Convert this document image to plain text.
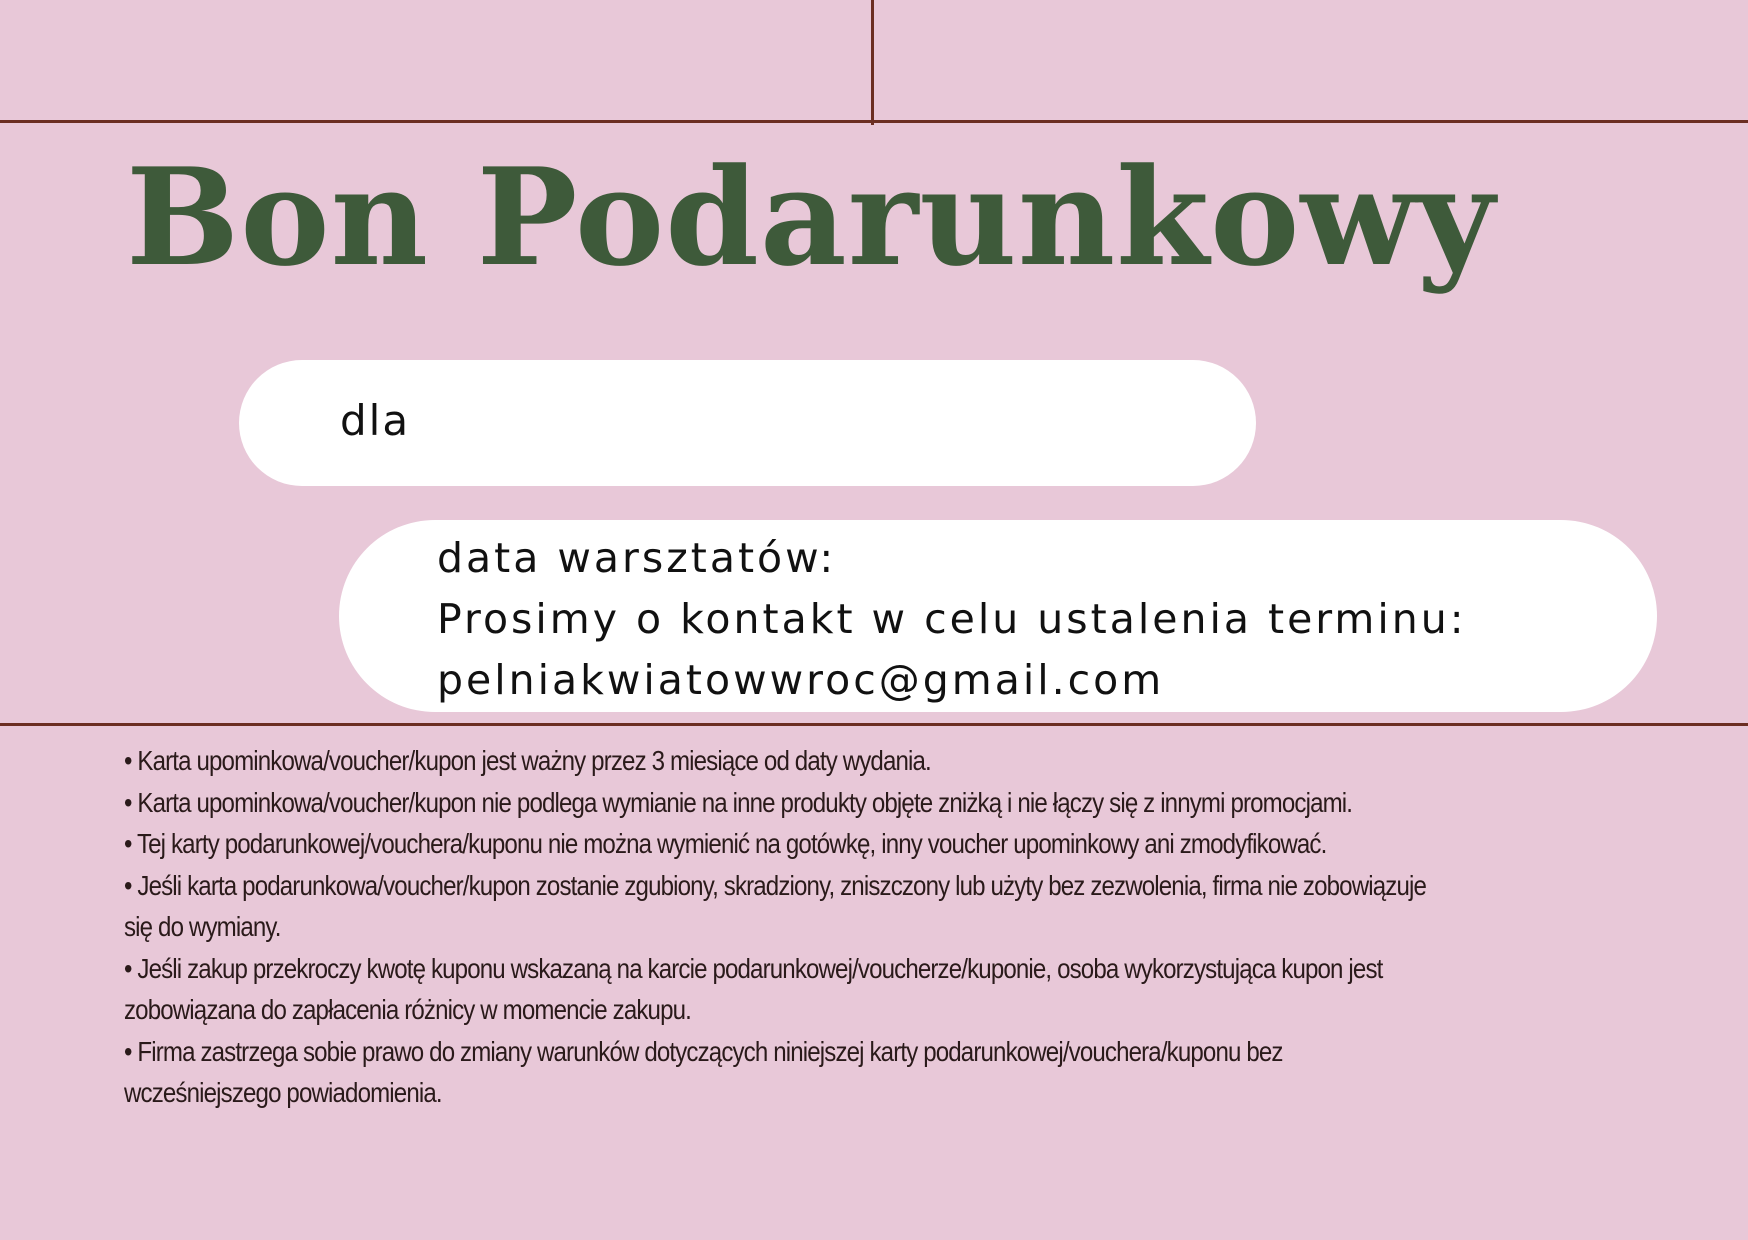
Bon Podarunkowy
dla
data warsztatów:
Prosimy o kontakt w celu ustalenia terminu:
pelniakwiatowwroc@gmail.com

• Karta upominkowa/voucher/kupon jest ważny przez 3 miesiące od daty wydania.

• Karta upominkowa/voucher/kupon nie podlega wymianie na inne produkty objęte zniżką i nie łączy się z innymi promocjami.

• Tej karty podarunkowej/vouchera/kuponu nie można wymienić na gotówkę, inny voucher upominkowy ani zmodyfikować.

• Jeśli karta podarunkowa/voucher/kupon zostanie zgubiony, skradziony, zniszczony lub użyty bez zezwolenia, firma nie zobowiązuje się do wymiany.

• Jeśli zakup przekroczy kwotę kuponu wskazaną na karcie podarunkowej/voucherze/kuponie, osoba wykorzystująca kupon jest zobowiązana do zapłacenia różnicy w momencie zakupu.

• Firma zastrzega sobie prawo do zmiany warunków dotyczących niniejszej karty podarunkowej/vouchera/kuponu bez wcześniejszego powiadomienia.
